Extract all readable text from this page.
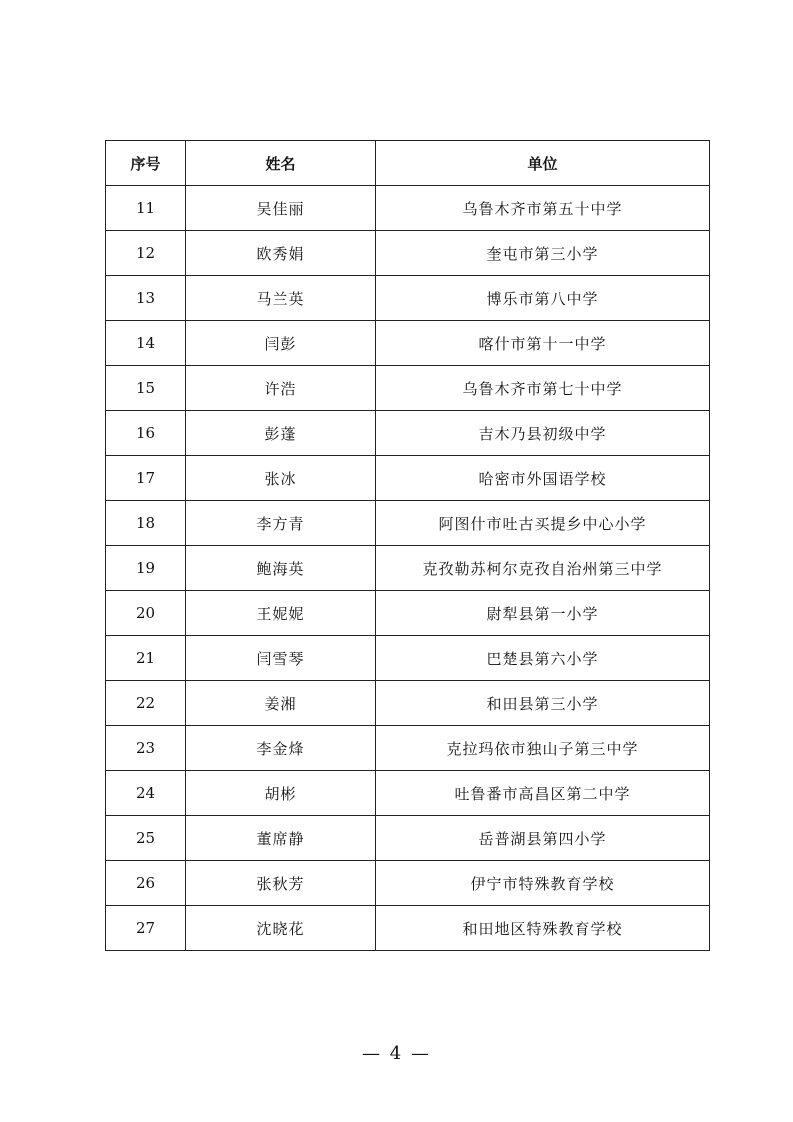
序号	姓名	单位
11	吴佳丽	乌鲁木齐市第五十中学
12	欧秀娟	奎屯市第三小学
13	马兰英	博乐市第八中学
14	闫彭	喀什市第十一中学
15	许浩	乌鲁木齐市第七十中学
16	彭蓬	吉木乃县初级中学
17	张冰	哈密市外国语学校
18	李方青	阿图什市吐古买提乡中心小学
19	鲍海英	克孜勒苏柯尔克孜自治州第三中学
20	王妮妮	尉犁县第一小学
21	闫雪琴	巴楚县第六小学
22	姜湘	和田县第三小学
23	李金烽	克拉玛依市独山子第三中学
24	胡彬	吐鲁番市高昌区第二中学
25	董席静	岳普湖县第四小学
26	张秋芳	伊宁市特殊教育学校
27	沈晓花	和田地区特殊教育学校
— 4 —
